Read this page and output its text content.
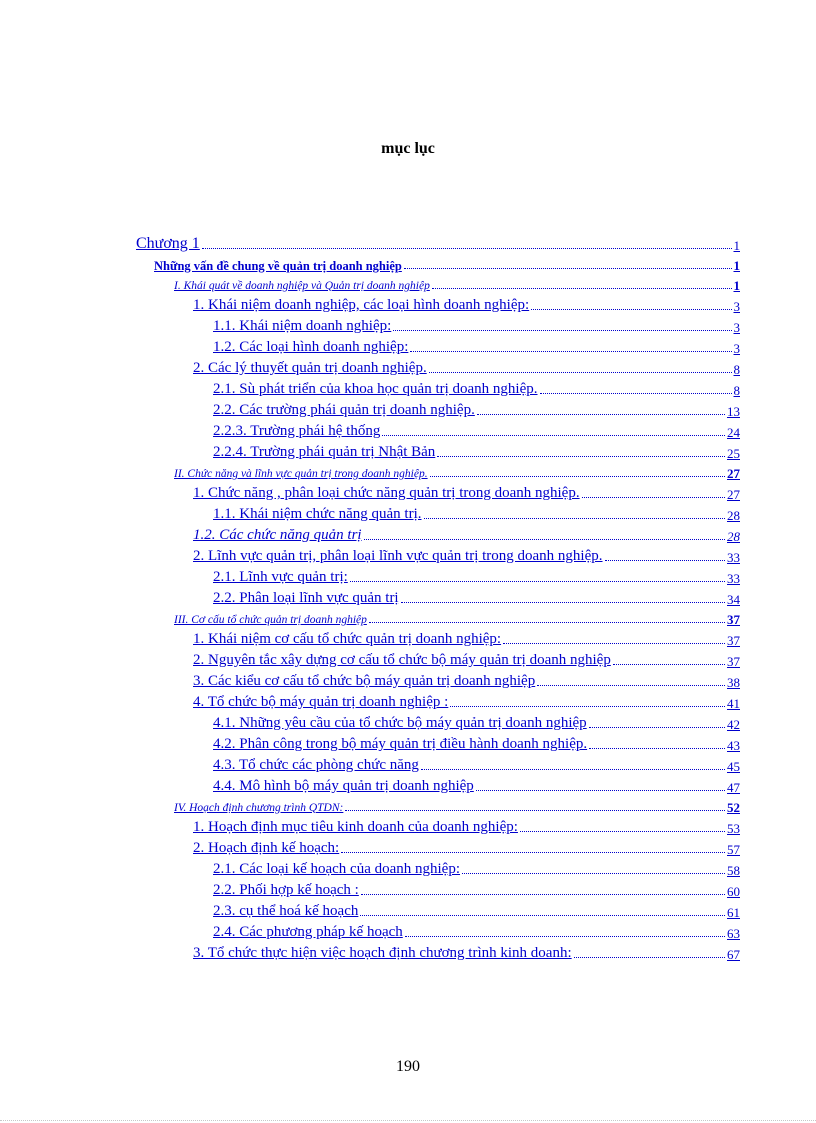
mục lục
Chương 1	1
Những vấn đề chung về quản trị doanh nghiệp	1
I. Khái quát về doanh nghiệp và Quản trị doanh nghiệp	1
1. Khái niệm doanh nghiệp, các loại hình doanh nghiệp:	3
1.1. Khái niệm doanh nghiệp:	3
1.2. Các loại hình doanh nghiệp:	3
2. Các lý thuyết quản trị doanh nghiệp.	8
2.1. Sù phát triển của khoa học quản trị doanh nghiệp.	8
2.2. Các trường phái quản trị doanh nghiệp.	13
2.2.3. Trường phái hệ thống	24
2.2.4. Trường phái quản trị Nhật Bản	25
II. Chức năng và lĩnh vực quản trị trong doanh nghiệp.	27
1. Chức năng , phân loại chức năng quản trị trong doanh nghiệp.	27
1.1. Khái niệm chức năng quản trị.	28
1.2. Các chức năng quản trị	28
2. Lĩnh vực quản trị, phân loại lĩnh vực quản trị trong doanh nghiệp.	33
2.1. Lĩnh vực quản trị:	33
2.2. Phân loại lĩnh vực quản trị	34
III. Cơ cấu tổ chức quản trị doanh nghiệp	37
1. Khái niệm cơ cấu tổ chức quản trị doanh nghiệp:	37
2. Nguyên tắc xây dựng cơ cấu tổ chức bộ máy quản trị doanh nghiệp	37
3. Các kiểu cơ cấu tổ chức bộ máy quản trị doanh nghiệp	38
4. Tổ chức bộ máy quản trị doanh nghiệp :	41
4.1. Những yêu cầu của tổ chức bộ máy quản trị doanh nghiệp	42
4.2. Phân công trong bộ máy quản trị điều hành doanh nghiệp.	43
4.3. Tổ chức các phòng chức năng	45
4.4. Mô hình bộ máy quản trị doanh nghiệp	47
IV. Hoạch định chương trình QTDN:	52
1. Hoạch định mục tiêu kinh doanh của doanh nghiệp:	53
2. Hoạch định kế hoạch:	57
2.1. Các loại kế hoạch của doanh nghiệp:	58
2.2. Phối hợp kế hoạch :	60
2.3. cụ thể hoá kế hoạch	61
2.4. Các phương pháp kế hoạch	63
3. Tổ chức thực hiện việc hoạch định chương trình kinh doanh:	67
190
